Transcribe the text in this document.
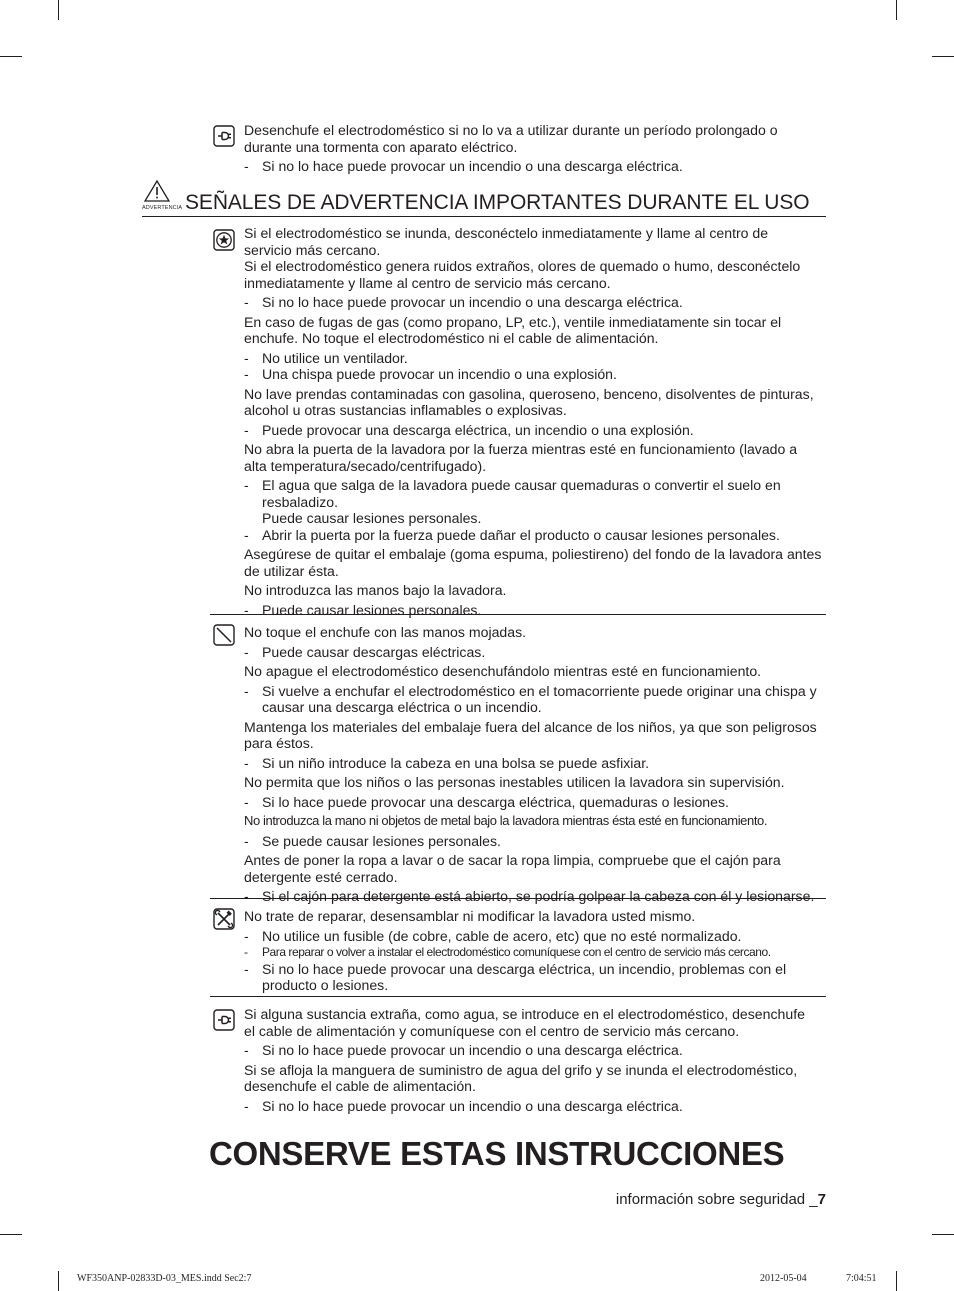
Desenchufe el electrodoméstico si no lo va a utilizar durante un período prolongado o

durante una tormenta con aparato eléctrico.

- Si no lo hace puede provocar un incendio o una descarga eléctrica.

ADVERTENCIA SEÑALES DE ADVERTENCIA IMPORTANTES DURANTE EL USO

Si el electrodoméstico se inunda, desconéctelo inmediatamente y llame al centro de

servicio más cercano.

Si el electrodoméstico genera ruidos extraños, olores de quemado o humo, desconéctelo

inmediatamente y llame al centro de servicio más cercano.

- Si no lo hace puede provocar un incendio o una descarga eléctrica.

En caso de fugas de gas (como propano, LP, etc.), ventile inmediatamente sin tocar el

enchufe. No toque el electrodoméstico ni el cable de alimentación.

- No utilice un ventilador.

- Una chispa puede provocar un incendio o una explosión.

No lave prendas contaminadas con gasolina, queroseno, benceno, disolventes de pinturas,

alcohol u otras sustancias inflamables o explosivas.

- Puede provocar una descarga eléctrica, un incendio o una explosión.

No abra la puerta de la lavadora por la fuerza mientras esté en funcionamiento (lavado a

alta temperatura/secado/centrifugado).

- El agua que salga de la lavadora puede causar quemaduras o convertir el suelo en

resbaladizo.

Puede causar lesiones personales.

- Abrir la puerta por la fuerza puede dañar el producto o causar lesiones personales.

Asegúrese de quitar el embalaje (goma espuma, poliestireno) del fondo de la lavadora antes

de utilizar ésta.

No introduzca las manos bajo la lavadora.

- Puede causar lesiones personales.

No toque el enchufe con las manos mojadas.

- Puede causar descargas eléctricas.

No apague el electrodoméstico desenchufándolo mientras esté en funcionamiento.

- Si vuelve a enchufar el electrodoméstico en el tomacorriente puede originar una chispa y

causar una descarga eléctrica o un incendio.

Mantenga los materiales del embalaje fuera del alcance de los niños, ya que son peligrosos

para éstos.

- Si un niño introduce la cabeza en una bolsa se puede asfixiar.

No permita que los niños o las personas inestables utilicen la lavadora sin supervisión.

- Si lo hace puede provocar una descarga eléctrica, quemaduras o lesiones.

No introduzca la mano ni objetos de metal bajo la lavadora mientras ésta esté en funcionamiento.

- Se puede causar lesiones personales.

Antes de poner la ropa a lavar o de sacar la ropa limpia, compruebe que el cajón para

detergente esté cerrado.

- Si el cajón para detergente está abierto, se podría golpear la cabeza con él y lesionarse.

No trate de reparar, desensamblar ni modificar la lavadora usted mismo.

- No utilice un fusible (de cobre, cable de acero, etc) que no esté normalizado.

- Para reparar o volver a instalar el electrodoméstico comuníquese con el centro de servicio más cercano.

- Si no lo hace puede provocar una descarga eléctrica, un incendio, problemas con el

producto o lesiones.

Si alguna sustancia extraña, como agua, se introduce en el electrodoméstico, desenchufe

el cable de alimentación y comuníquese con el centro de servicio más cercano.

- Si no lo hace puede provocar un incendio o una descarga eléctrica.

Si se afloja la manguera de suministro de agua del grifo y se inunda el electrodoméstico,

desenchufe el cable de alimentación.

- Si no lo hace puede provocar un incendio o una descarga eléctrica.

CONSERVE ESTAS INSTRUCCIONES
información sobre seguridad _7
WF350ANP-02833D-03_MES.indd Sec2:7	2012-05-04	7:04:51
